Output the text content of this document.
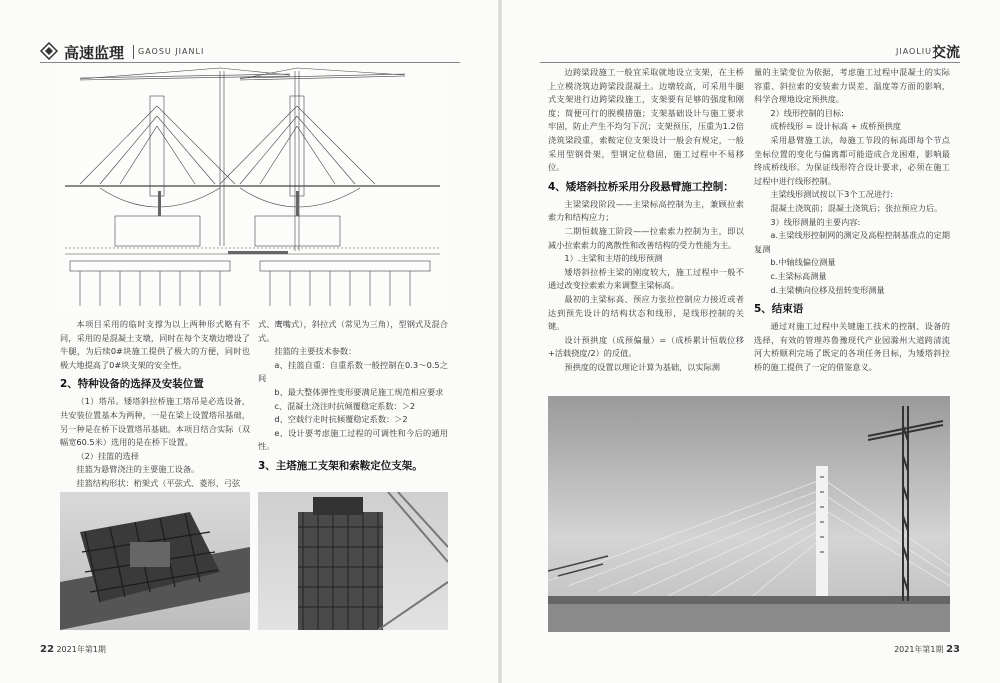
高速监理 GAOSU JIANLI	JIAOLIU 交流

本项目采用的临时支撑为以上两种形式略有不同，采用的是混凝土支墩，同时在每个支墩边增设了牛腿，为后续0#块施工提供了极大的方便，同时也极大地提高了0#块支架的安全性。

2、特种设备的选择及安装位置

（1）塔吊。矮塔斜拉桥施工塔吊是必选设备，共安装位置基本为两种，一是在梁上设置塔吊基础，另一种是在桥下设置塔吊基础。本项目结合实际（双幅宽60.5米）选用的是在桥下设置。

（2）挂篮的选择

挂篮为悬臂浇注的主要施工设备。

挂篮结构形状：桁架式（平弦式、菱形、弓弦

式、鹰嘴式），斜拉式（常见为三角），型钢式及混合式。

挂篮的主要技术参数：

a、挂篮自重：自重系数一般控制在0.3～0.5之间

b、最大整体弹性变形要满足施工规范相应要求

c、混凝土浇注时抗倾覆稳定系数：＞2

d、空载行走时抗倾覆稳定系数：＞2

e、设计要考虑施工过程的可调性和今后的通用性。

3、主塔施工支架和索鞍定位支架。
22 2021年第1期

边跨梁段施工一般宜采取就地设立支架，在主桥上立模浇筑边跨梁段混凝土。边墩较高，可采用牛腿式支架进行边跨梁段施工，支架要有足够的强度和刚度；简便可行的脱模措施；支架基础设计与施工要求牢固，防止产生不均匀下沉；支架预压，压重为1.2倍浇筑梁段重，索鞍定位支架设计一般会有规定，一般采用型钢骨架，型钢定位稳固，施工过程中不易移位。

4、矮塔斜拉桥采用分段悬臂施工控制：

主梁梁段阶段——主梁标高控制为主，兼顾拉索索力和结构应力；

二期恒载施工阶段——拉索索力控制为主，即以减小拉索索力的离散性和改善结构的受力性能为主。

1）.主梁和主塔的线形预测

矮塔斜拉桥主梁的刚度较大，施工过程中一般不通过改变拉索索力来调整主梁标高。

最初的主梁标高、预应力张拉控制应力接近或者达到预先设计的结构状态和线形，是线形控制的关键。

设计预拱度（成预偏量）=（成桥累计恒载位移+活载挠度/2）的反值。

预拱度的设置以理论计算为基础，以实际测

量的主梁变位为依据，考虑施工过程中混凝土的实际容重、斜拉索的安装索力误差、温度等方面的影响，科学合理地设定预拱度。

2）线形控制的目标:

成桥线形 = 设计标高 + 成桥预拱度

采用悬臂施工法，每施工节段的标高即每个节点坐标位置的变化与偏离都可能造成合龙困难，影响最终成桥线形。为保证线形符合设计要求，必须在施工过程中进行线形控制。

主梁线形测试按以下3个工况进行:

混凝土浇筑前；混凝土浇筑后；张拉预应力后。

3）线形测量的主要内容:

a.主梁线形控制网的测定及高程控制基准点的定期复测

b.中轴线偏位测量

c.主梁标高测量

d.主梁横向位移及扭转变形测量

5、结束语

通过对施工过程中关键施工技术的控制、设备的选择，有效的管理苏鲁豫现代产业园滁州大道跨清流河大桥顺利完场了既定的各项任务目标，为矮塔斜拉桥的施工提供了一定的借鉴意义。

2021年第1期 23
